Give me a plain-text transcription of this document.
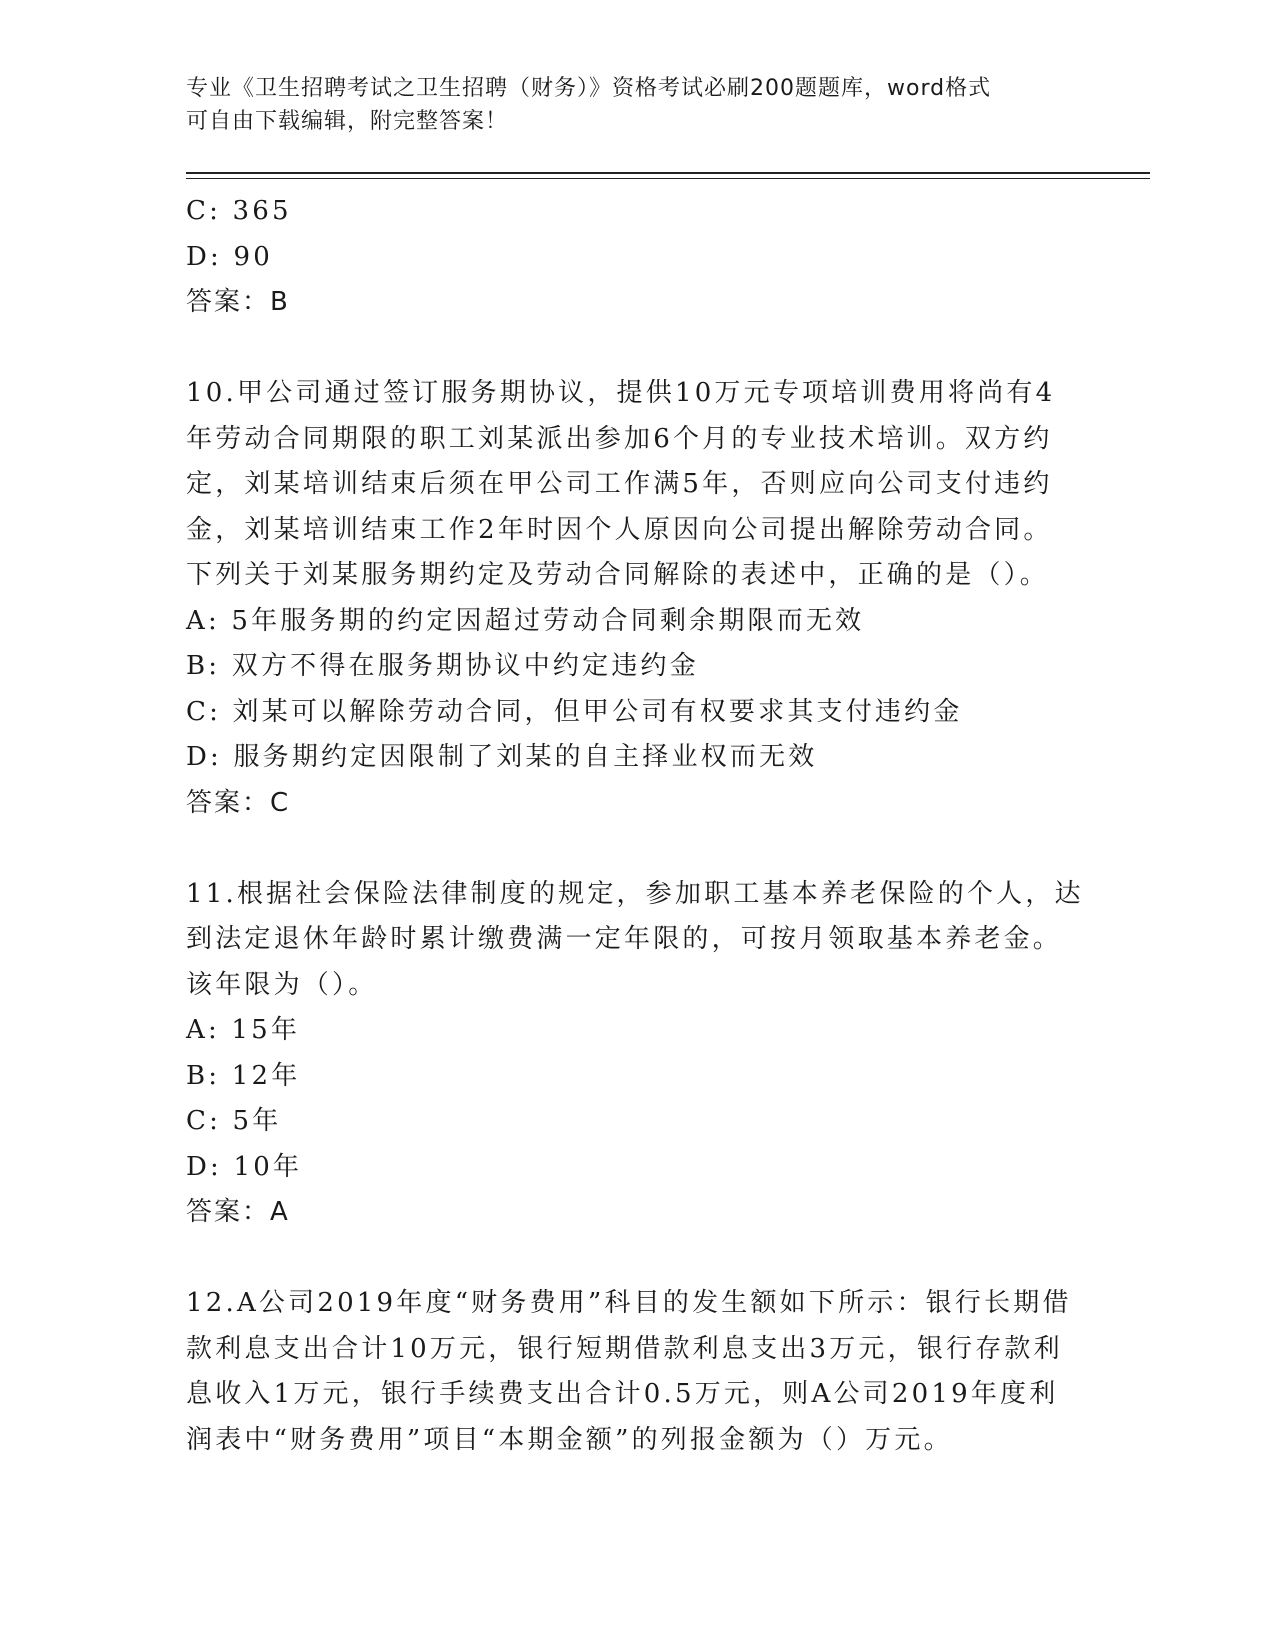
专业《卫生招聘考试之卫生招聘（财务）》资格考试必刷200题题库，word格式
可自由下载编辑，附完整答案！
C: 365
D: 90
答案：B
10.甲公司通过签订服务期协议，提供10万元专项培训费用将尚有4
年劳动合同期限的职工刘某派出参加6个月的专业技术培训。双方约
定，刘某培训结束后须在甲公司工作满5年，否则应向公司支付违约
金，刘某培训结束工作2年时因个人原因向公司提出解除劳动合同。
下列关于刘某服务期约定及劳动合同解除的表述中，正确的是（）。
A: 5年服务期的约定因超过劳动合同剩余期限而无效
B: 双方不得在服务期协议中约定违约金
C: 刘某可以解除劳动合同，但甲公司有权要求其支付违约金
D: 服务期约定因限制了刘某的自主择业权而无效
答案：C
11.根据社会保险法律制度的规定，参加职工基本养老保险的个人，达
到法定退休年龄时累计缴费满一定年限的，可按月领取基本养老金。
该年限为（）。
A: 15年
B: 12年
C: 5年
D: 10年
答案：A
12.A公司2019年度“财务费用”科目的发生额如下所示：银行长期借
款利息支出合计10万元，银行短期借款利息支出3万元，银行存款利
息收入1万元，银行手续费支出合计0.5万元，则A公司2019年度利
润表中“财务费用”项目“本期金额”的列报金额为（）万元。
